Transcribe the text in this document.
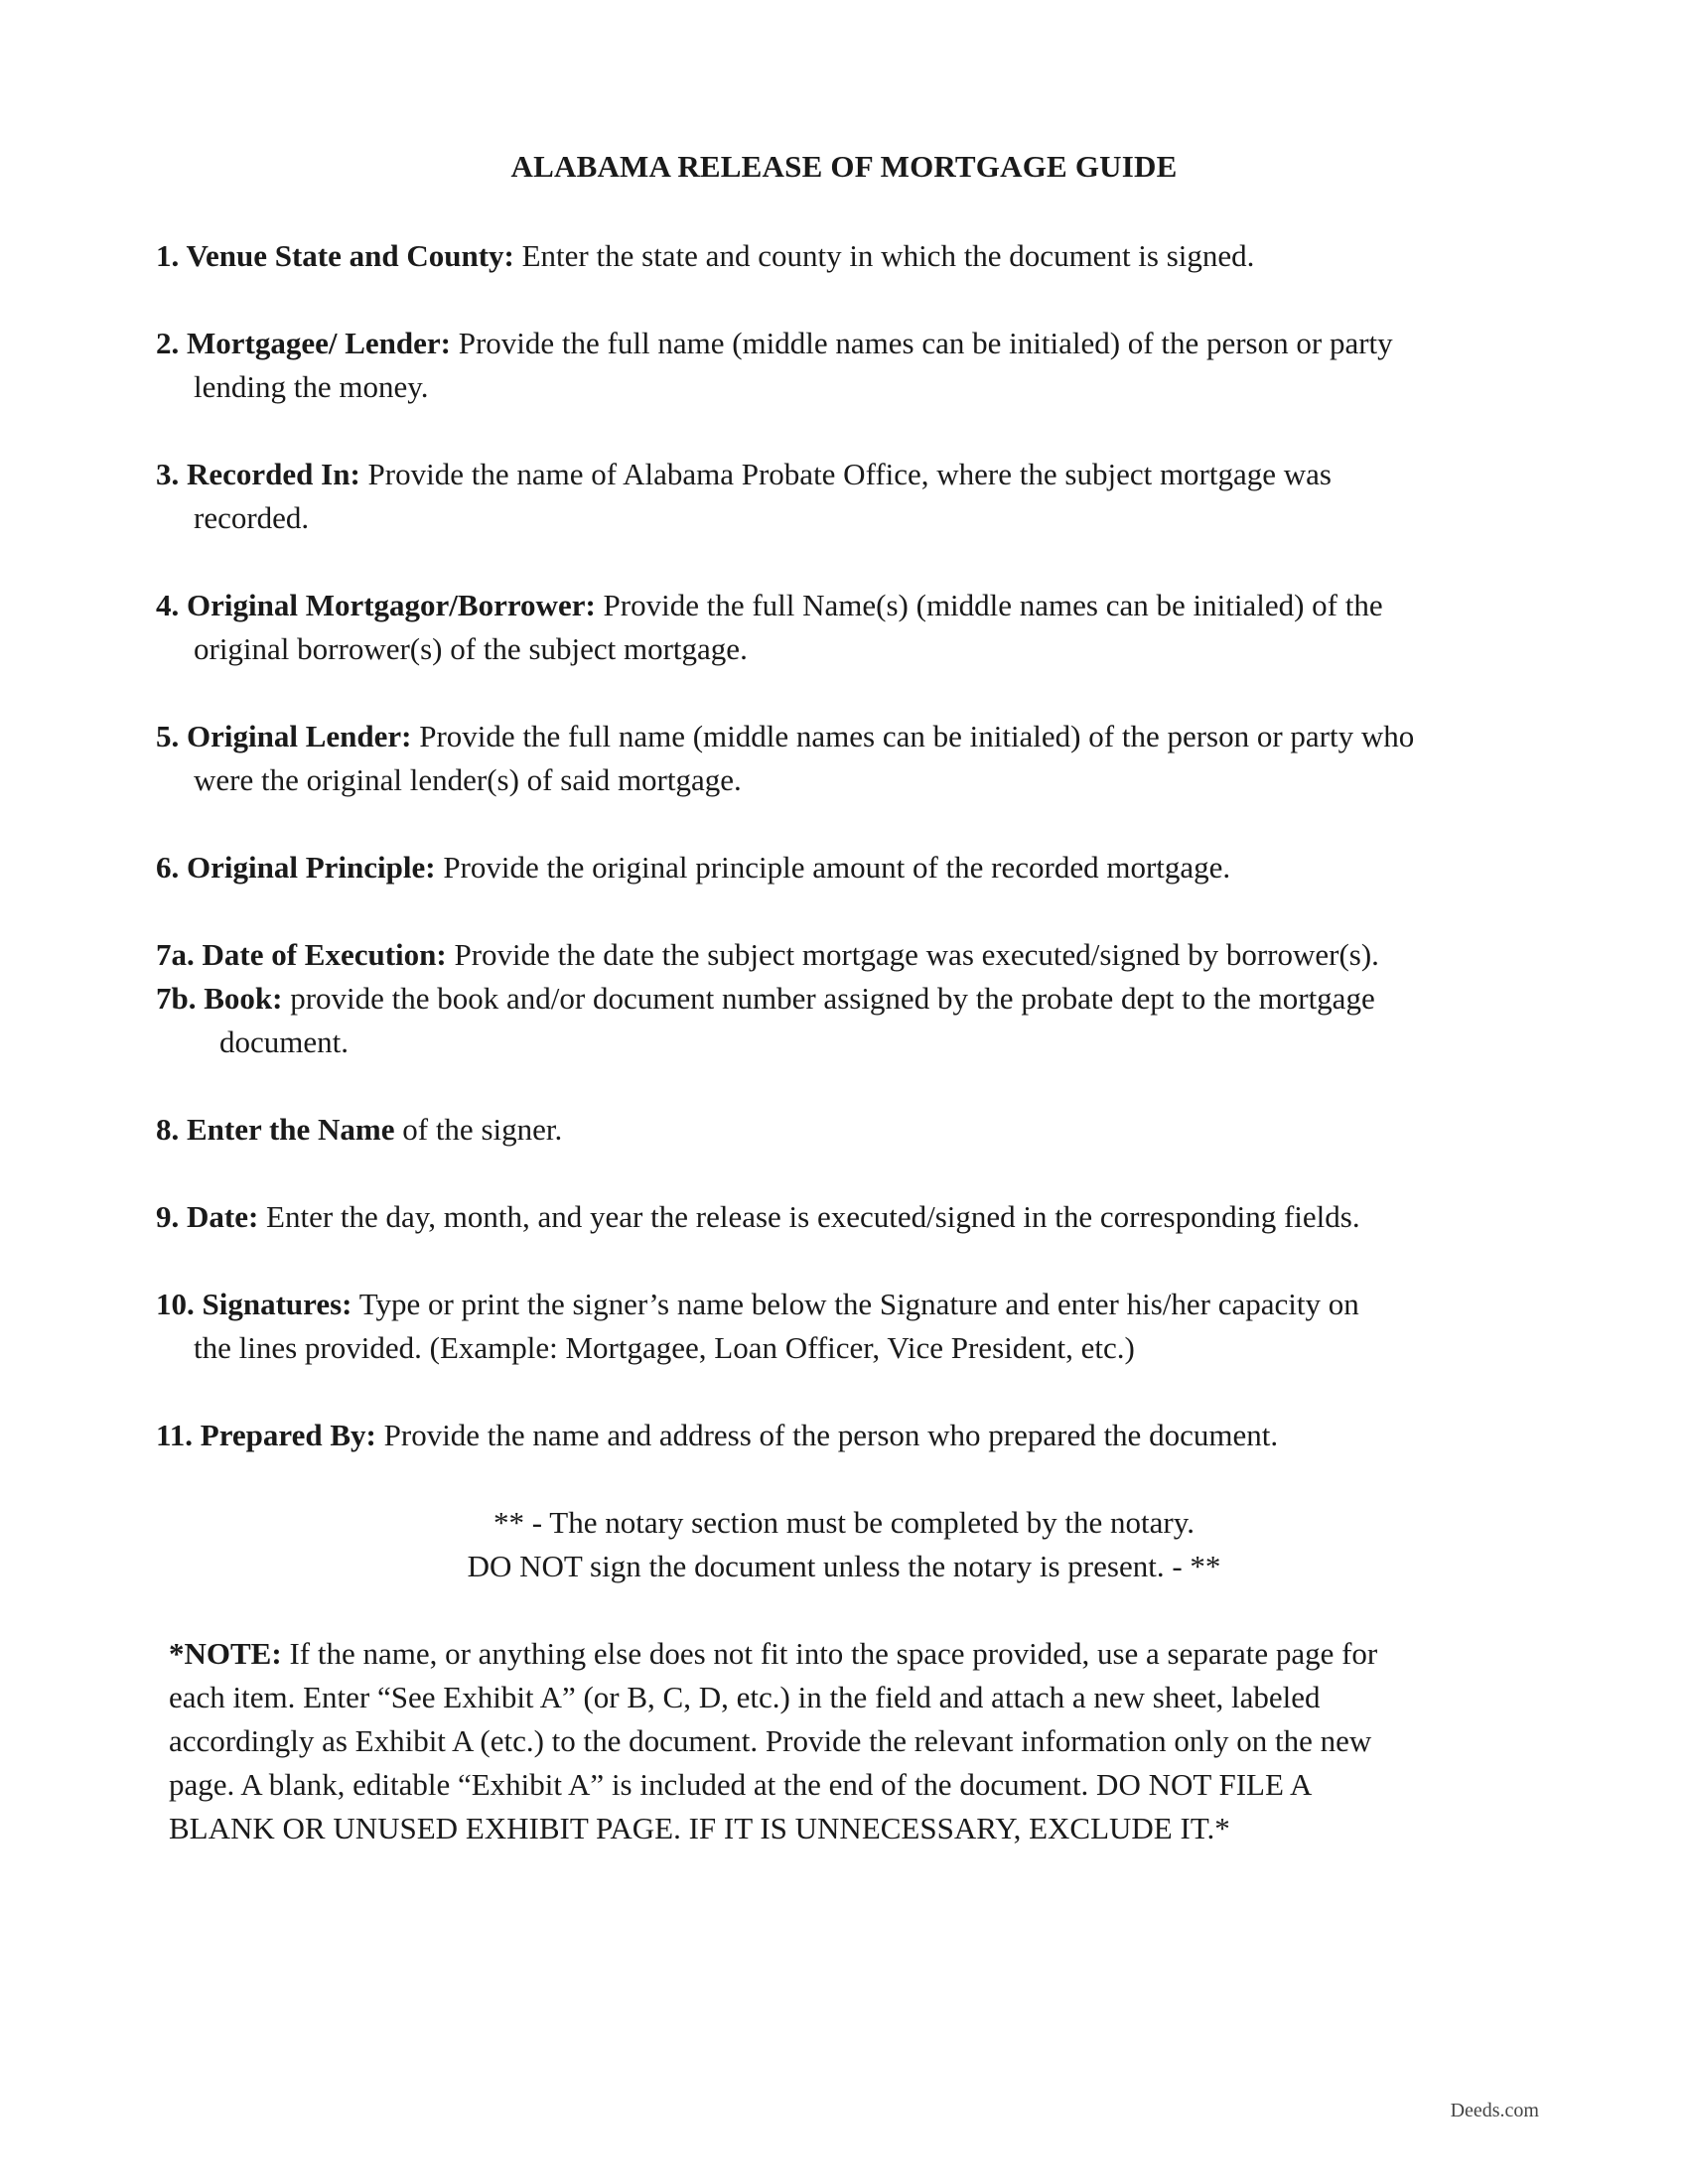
ALABAMA RELEASE OF MORTGAGE GUIDE
1. Venue State and County: Enter the state and county in which the document is signed.
2. Mortgagee/ Lender: Provide the full name (middle names can be initialed) of the person or party
lending the money.
3. Recorded In: Provide the name of Alabama Probate Office, where the subject mortgage was
recorded.
4. Original Mortgagor/Borrower: Provide the full Name(s) (middle names can be initialed) of the
original borrower(s) of the subject mortgage.
5. Original Lender: Provide the full name (middle names can be initialed) of the person or party who
were the original lender(s) of said mortgage.
6. Original Principle: Provide the original principle amount of the recorded mortgage.
7a. Date of Execution: Provide the date the subject mortgage was executed/signed by borrower(s).
7b. Book: provide the book and/or document number assigned by the probate dept to the mortgage
document.
8. Enter the Name of the signer.
9. Date: Enter the day, month, and year the release is executed/signed in the corresponding fields.
10. Signatures: Type or print the signer’s name below the Signature and enter his/her capacity on
the lines provided. (Example: Mortgagee, Loan Officer, Vice President, etc.)
11. Prepared By: Provide the name and address of the person who prepared the document.
** - The notary section must be completed by the notary.
DO NOT sign the document unless the notary is present. - **
*NOTE: If the name, or anything else does not fit into the space provided, use a separate page for
each item. Enter “See Exhibit A” (or B, C, D, etc.) in the field and attach a new sheet, labeled
accordingly as Exhibit A (etc.) to the document. Provide the relevant information only on the new
page. A blank, editable “Exhibit A” is included at the end of the document. DO NOT FILE A
BLANK OR UNUSED EXHIBIT PAGE. IF IT IS UNNECESSARY, EXCLUDE IT.*
Deeds.com
